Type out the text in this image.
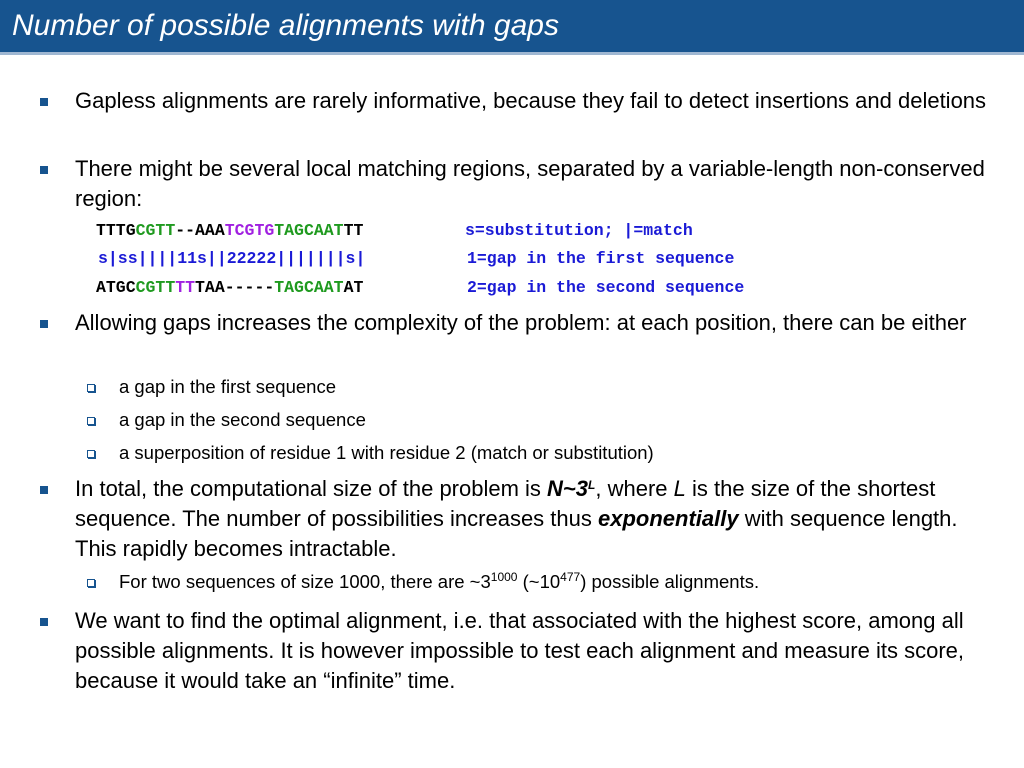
Number of possible alignments with gaps
Gapless alignments are rarely informative, because they fail to detect insertions and deletions
There might be several local matching regions, separated by a variable-length non-conserved region:
TTTGCGTT--AAATCGTGTAGCAATTT
s|ss||||11s||22222|||||||s|
ATGCCGTTTTTAA-----TAGCAATAT
s=substitution; |=match
1=gap in the first sequence
2=gap in the second sequence
Allowing gaps increases the complexity of the problem: at each position, there can be either
a gap in the first sequence
a gap in the second sequence
a superposition of residue 1 with residue 2 (match or substitution)
In total, the computational size of the problem is $N\sim 3^L$, where L is the size of the shortest sequence. The number of possibilities increases thus exponentially with sequence length. This rapidly becomes intractable.
For two sequences of size 1000, there are $\sim 3^{1000}$ $(\sim 10^{477})$ possible alignments.
We want to find the optimal alignment, i.e. that associated with the highest score, among all possible alignments. It is however impossible to test each alignment and measure its score, because it would take an “infinite” time.
